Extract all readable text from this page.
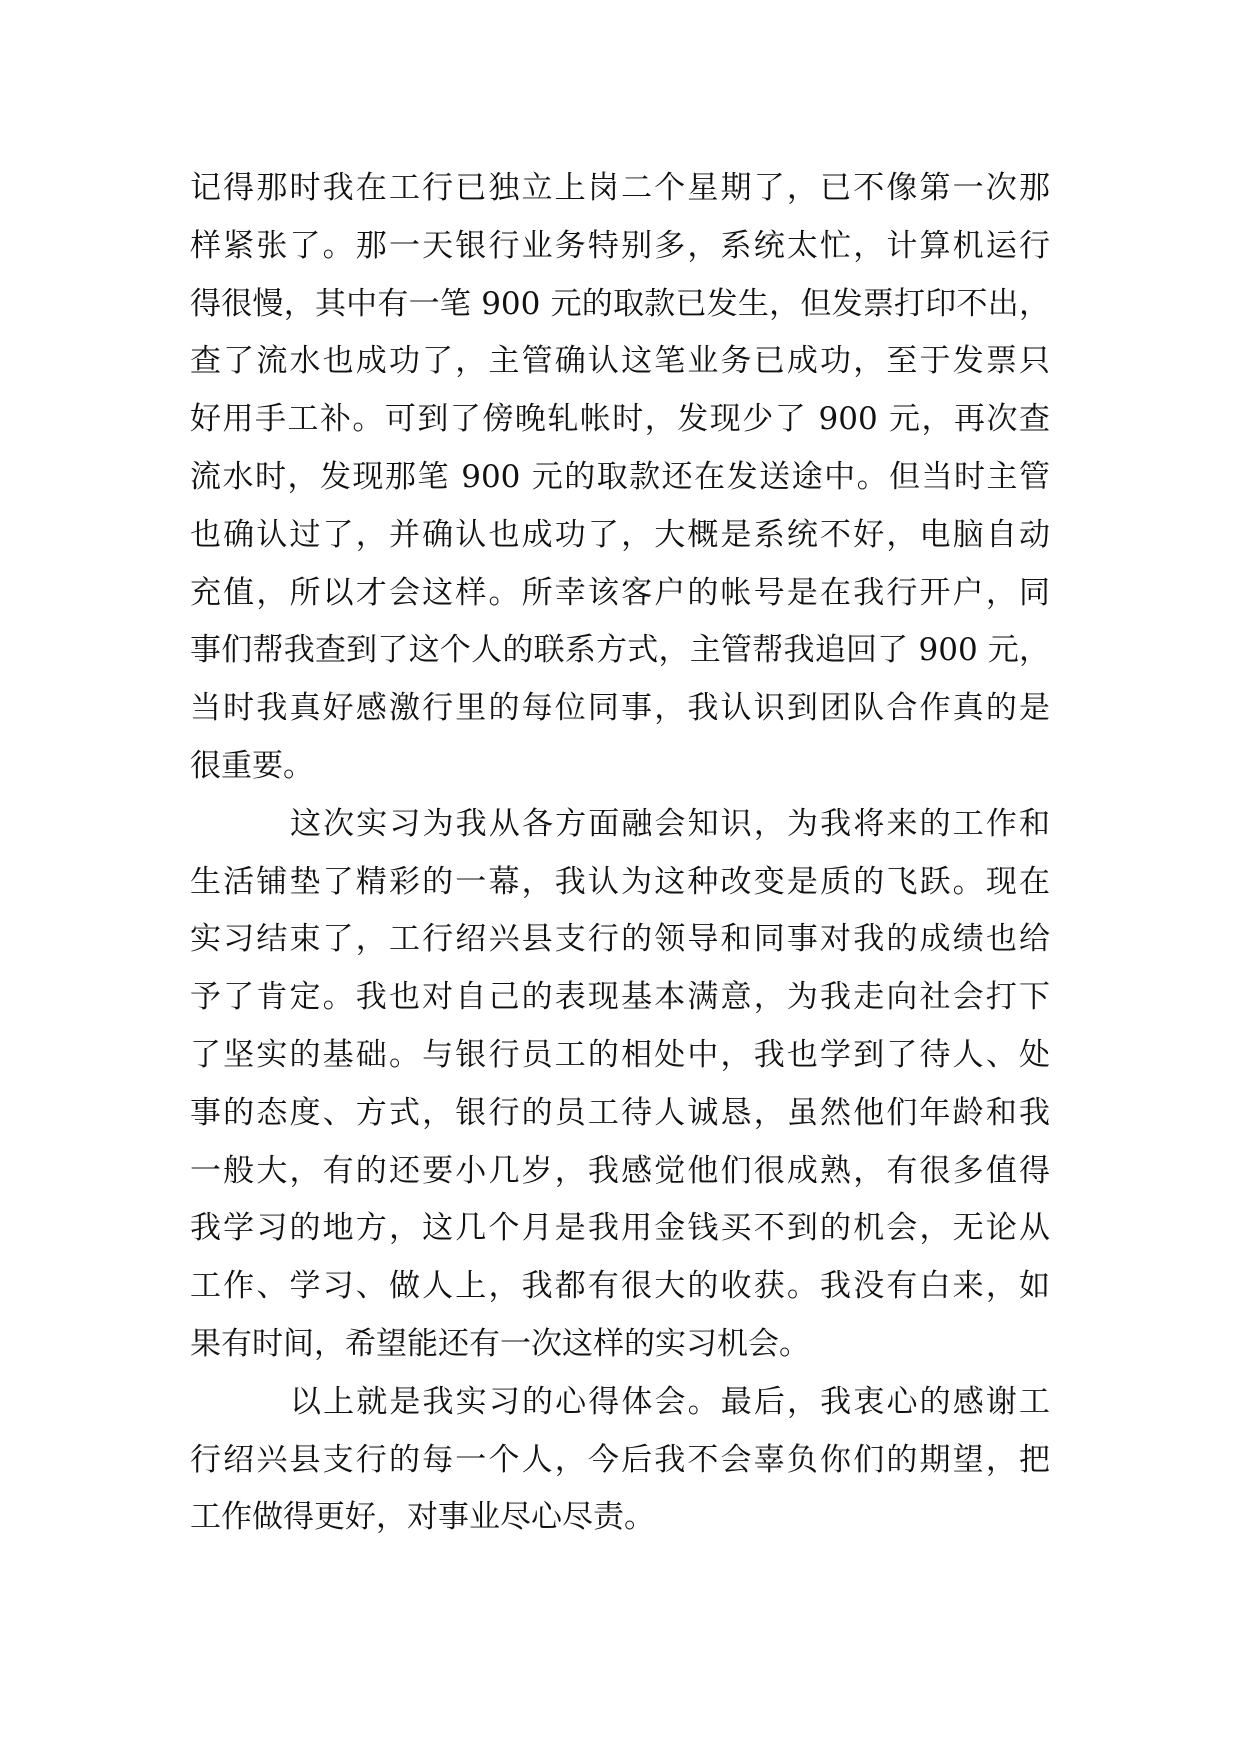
记得那时我在工行已独立上岗二个星期了，已不像第一次那
样紧张了。那一天银行业务特别多，系统太忙，计算机运行
得很慢，其中有一笔 900 元的取款已发生，但发票打印不出，
查了流水也成功了，主管确认这笔业务已成功，至于发票只
好用手工补。可到了傍晚轧帐时，发现少了 900 元，再次查
流水时，发现那笔 900 元的取款还在发送途中。但当时主管
也确认过了，并确认也成功了，大概是系统不好，电脑自动
充值，所以才会这样。所幸该客户的帐号是在我行开户，同
事们帮我查到了这个人的联系方式，主管帮我追回了 900 元，
当时我真好感激行里的每位同事，我认识到团队合作真的是
很重要。
这次实习为我从各方面融会知识，为我将来的工作和
生活铺垫了精彩的一幕，我认为这种改变是质的飞跃。现在
实习结束了，工行绍兴县支行的领导和同事对我的成绩也给
予了肯定。我也对自己的表现基本满意，为我走向社会打下
了坚实的基础。与银行员工的相处中，我也学到了待人、处
事的态度、方式，银行的员工待人诚恳，虽然他们年龄和我
一般大，有的还要小几岁，我感觉他们很成熟，有很多值得
我学习的地方，这几个月是我用金钱买不到的机会，无论从
工作、学习、做人上，我都有很大的收获。我没有白来，如
果有时间，希望能还有一次这样的实习机会。
以上就是我实习的心得体会。最后，我衷心的感谢工
行绍兴县支行的每一个人，今后我不会辜负你们的期望，把
工作做得更好，对事业尽心尽责。
